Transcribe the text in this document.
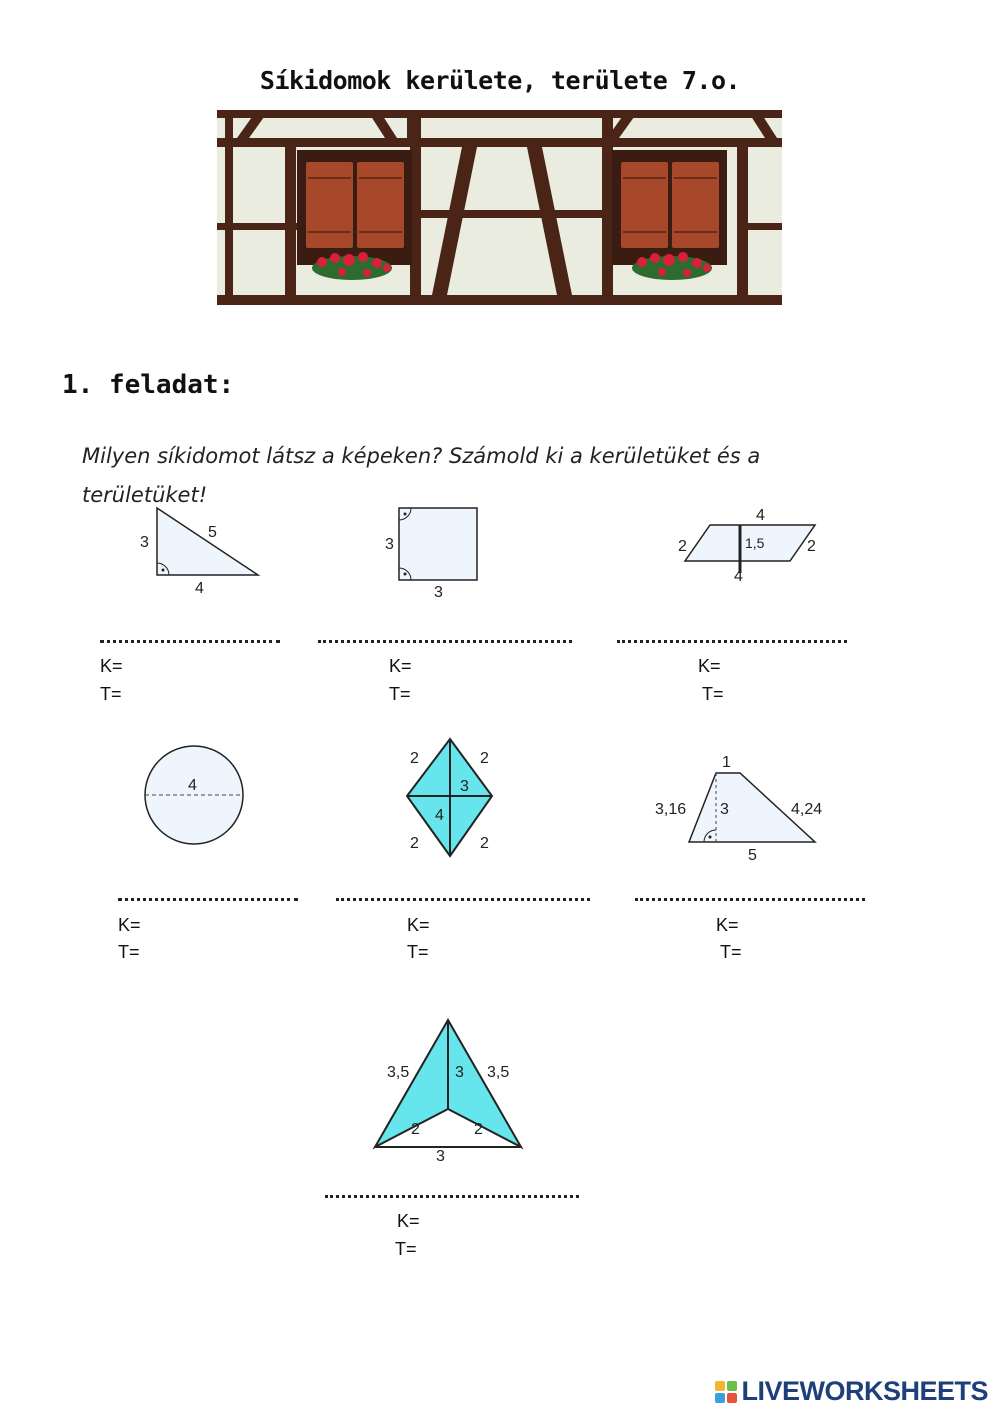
Síkidomok kerülete, területe 7.o.
1. feladat:
Milyen síkidomot látsz a képeken? Számold ki a kerületüket és a területüket!
3
5
4
3
3
4
2	2
1,5
4
K=
T=
K=
T=
K=
T=
4
2	2
2	2
3
4
1
3,16 3	4,24
5
K=
T=
K=
T=
K=
T=
3,5	3 3,5
2	2
3
K=
T=
LIVEWORKSHEETS
